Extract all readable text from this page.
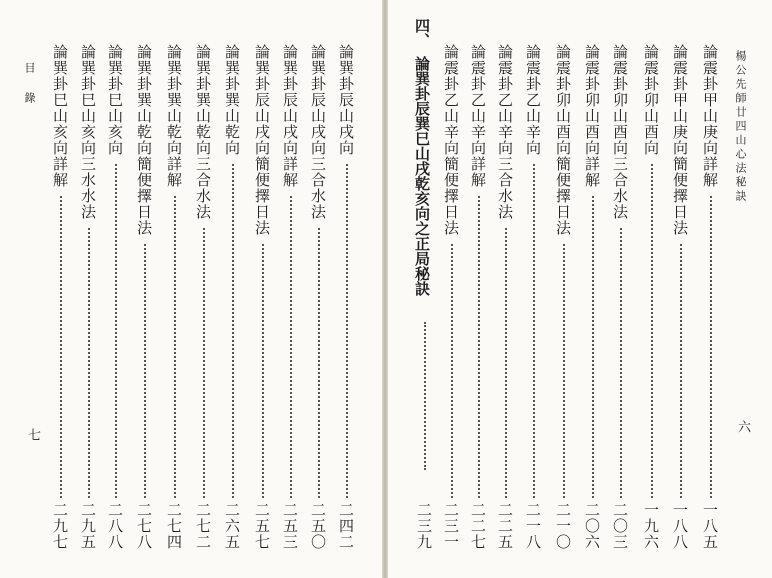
目 錄
七
論巽卦辰山戌向
二四二
論巽卦辰山戌向三合水法
二五〇
論巽卦辰山戌向詳解
二五三
論巽卦辰山戌向簡便擇日法
二五七
論巽卦巽山乾向
二六五
論巽卦巽山乾向三合水法
二七二
論巽卦巽山乾向詳解
二七四
論巽卦巽山乾向簡便擇日法
二七八
論巽卦巳山亥向
二八八
論巽卦巳山亥向三水水法
二九五
論巽卦巳山亥向詳解
二九七
楊公先師廿四山心法秘訣
六
論震卦甲山庚向詳解
一八五
論震卦甲山庚向簡便擇日法
一八八
論震卦卯山酉向
一九六
論震卦卯山酉向三合水法
二〇三
論震卦卯山酉向詳解
二〇六
論震卦卯山酉向簡便擇日法
二一〇
論震卦乙山辛向
二一八
論震卦乙山辛向三合水法
二二五
論震卦乙山辛向詳解
二二七
論震卦乙山辛向簡便擇日法
二三一
四、
論巽卦辰巽巳山戌乾亥向之正局秘訣
二三九
